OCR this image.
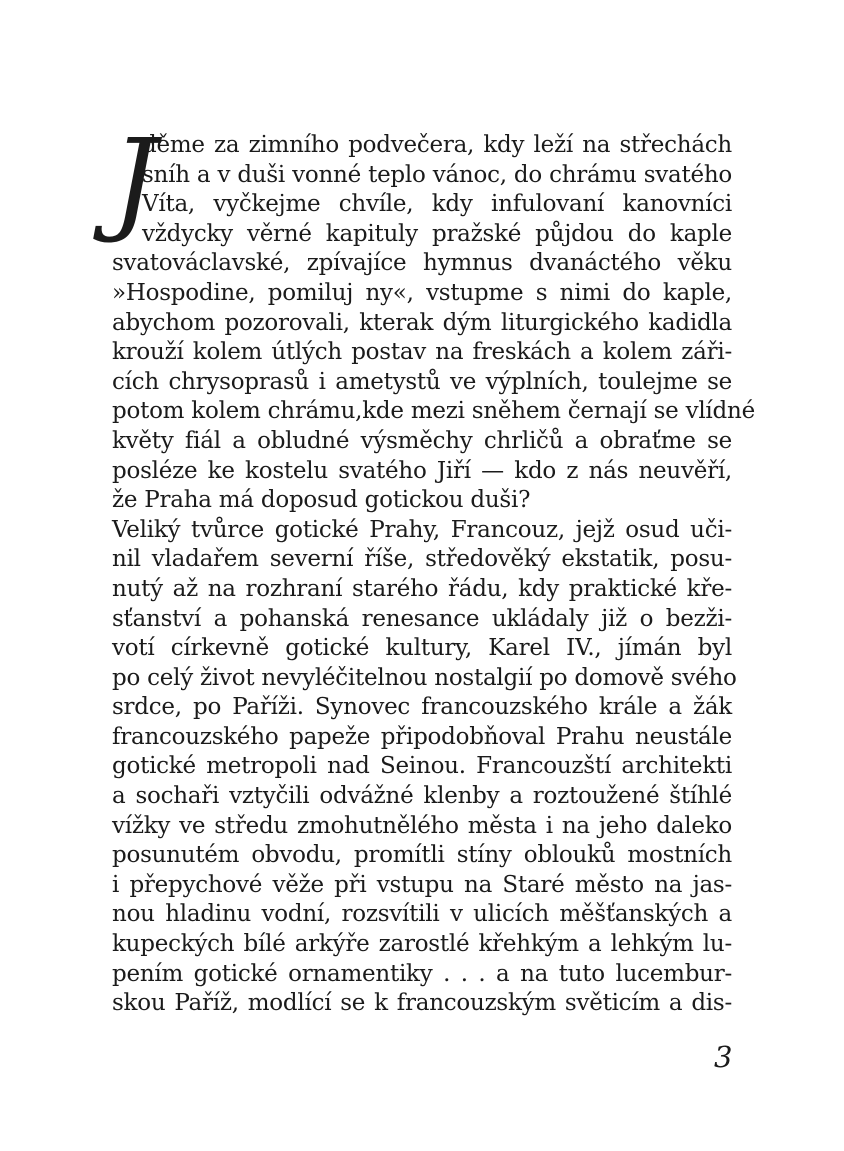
J
děme za zimního podvečera, kdy leží na střechách
sníh a v duši vonné teplo vánoc, do chrámu svatého
Víta, vyčkejme chvíle, kdy infulovaní kanovníci
vždycky věrné kapituly pražské půjdou do kaple
svatováclavské, zpívajíce hymnus dvanáctého věku
»Hospodine, pomiluj ny«, vstupme s nimi do kaple,
abychom pozorovali, kterak dým liturgického kadidla
krouží kolem útlých postav na freskách a kolem záři-
cích chrysoprasů i ametystů ve výplních, toulejme se
potom kolem chrámu,kde mezi sněhem černají se vlídné
květy fiál a obludné výsměchy chrličů a obraťme se
posléze ke kostelu svatého Jiří — kdo z nás neuvěří,
že Praha má doposud gotickou duši?
Veliký tvůrce gotické Prahy, Francouz, jejž osud uči-
nil vladařem severní říše, středověký ekstatik, posu-
nutý až na rozhraní starého řádu, kdy praktické kře-
sťanství a pohanská renesance ukládaly již o bezži-
votí církevně gotické kultury, Karel IV., jímán byl
po celý život nevyléčitelnou nostalgií po domově svého
srdce, po Paříži. Synovec francouzského krále a žák
francouzského papeže připodobňoval Prahu neustále
gotické metropoli nad Seinou. Francouzští architekti
a sochaři vztyčili odvážné klenby a roztoužené štíhlé
vížky ve středu zmohutnělého města i na jeho daleko
posunutém obvodu, promítli stíny oblouků mostních
i přepychové věže při vstupu na Staré město na jas-
nou hladinu vodní, rozsvítili v ulicích měšťanských a
kupeckých bílé arkýře zarostlé křehkým a lehkým lu-
pením gotické ornamentiky . . . a na tuto lucembur-
skou Paříž, modlící se k francouzským světicím a dis-
3
